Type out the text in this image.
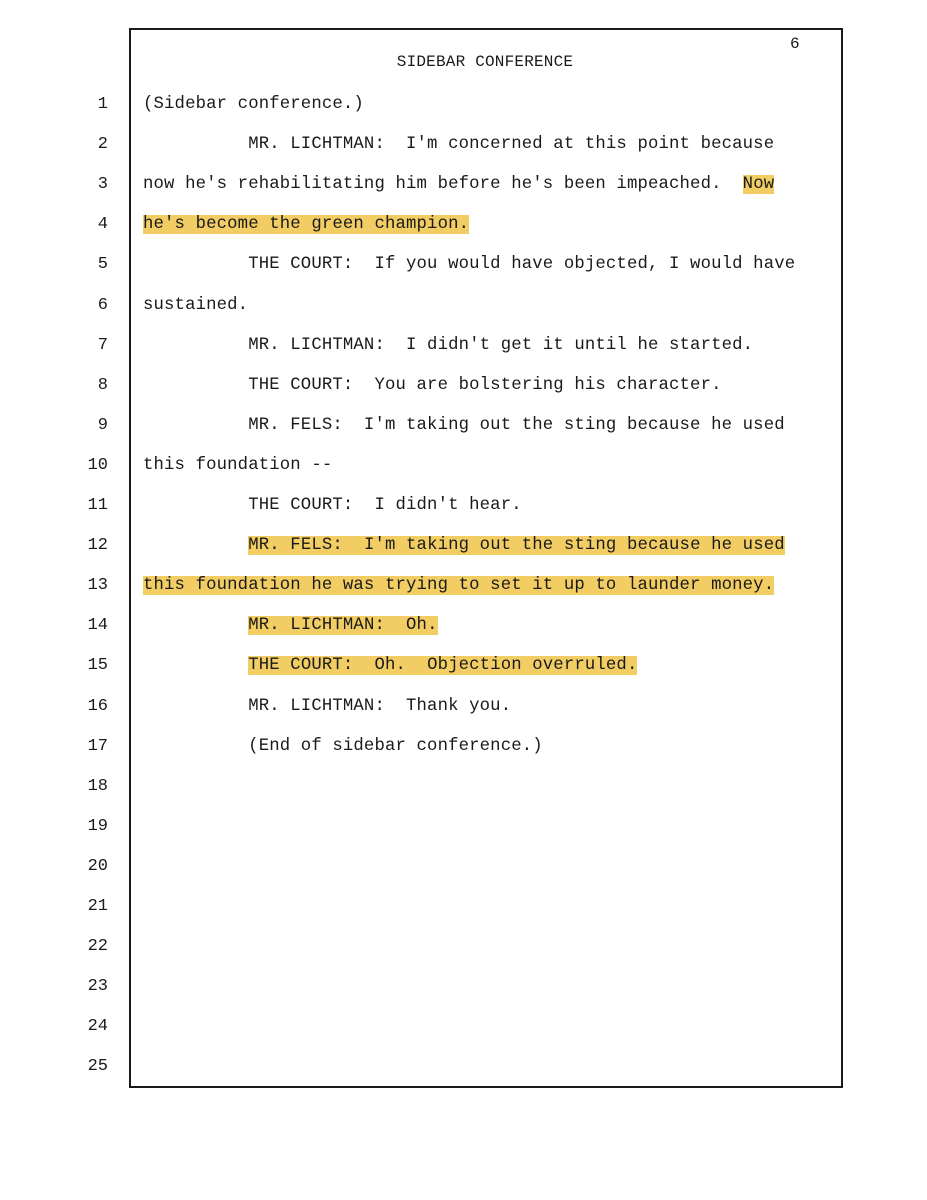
6
SIDEBAR CONFERENCE
1 (Sidebar conference.)
2 MR. LICHTMAN:  I'm concerned at this point because
3 now he's rehabilitating him before he's been impeached.  Now
4 he's become the green champion.
5 THE COURT:  If you would have objected, I would have
6 sustained.
7 MR. LICHTMAN:  I didn't get it until he started.
8 THE COURT:  You are bolstering his character.
9 MR. FELS:  I'm taking out the sting because he used
10 this foundation --
11 THE COURT:  I didn't hear.
12	MR. FELS:  I'm taking out the sting because he used
13 this foundation he was trying to set it up to launder money.
14	MR. LICHTMAN:  Oh.
15	THE COURT:  Oh.  Objection overruled.
16 MR. LICHTMAN:  Thank you.
17 (End of sidebar conference.)
18
19
20
21
22
23
24
25
